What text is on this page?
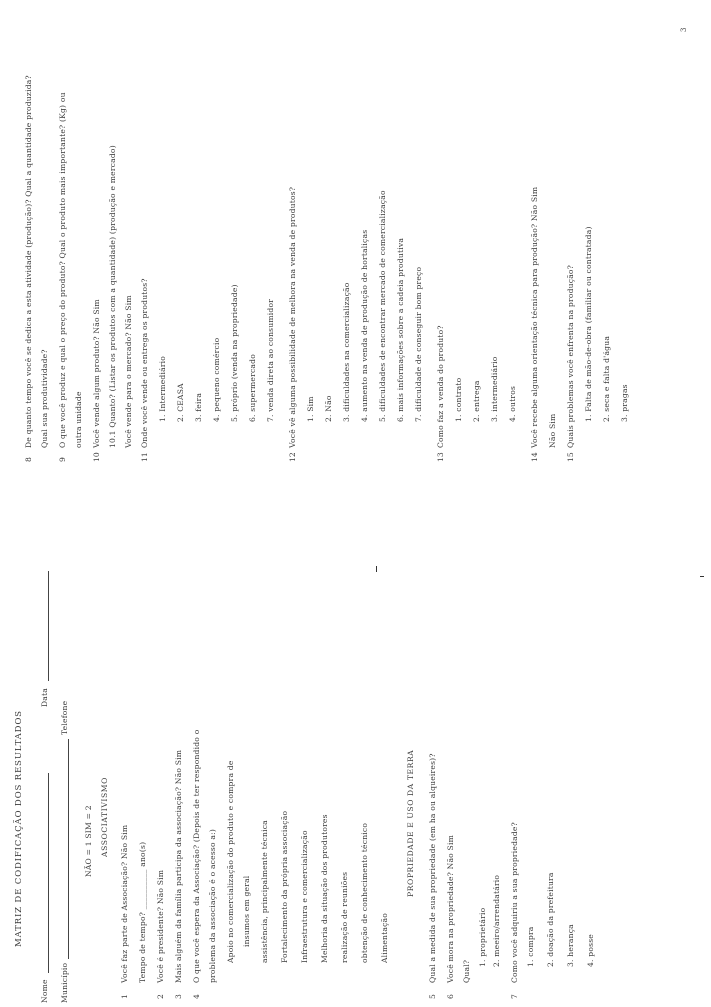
3
8
De quanto tempo você se dedica a esta atividade (produção)? Qual a quantidade produzida? Qual sua produtividade?
9
O que você produz e qual o preço do produto? Qual o produto mais importante? (Kg) ou outra unidade
10
Você vende algum produto? Não Sim 10.1 Quanto? (Listar os produtos com a quantidade) (produção e mercado) Você vende para o mercado? Não Sim
11
Onde você vende ou entrega os produtos? 1. Intermediário 2. CEASA 3. feira 4. pequeno comércio 5. próprio (venda na propriedade) 6. supermercado 7. venda direta ao consumidor
12
Você vê alguma possibilidade de melhora na venda de produtos? 1. Sim 2. Não 3. dificuldades na comercialização 4. aumento na venda de produção de hortaliças 5. dificuldades de encontrar mercado de comercialização 6. mais informações sobre a cadeia produtiva 7. dificuldade de conseguir bom preço
13
Como faz a venda do produto? 1. contrato 2. entrega 3. intermediário 4. outros
14
Você recebe alguma orientação técnica para produção? Não Sim Não Sim
15
Quais problemas você enfrenta na produção? 1. Falta de mão-de-obra (familiar ou contratada) 2. seca e falta d'água 3. pragas
MATRIZ DE CODIFICAÇÃO DOS RESULTADOS
Nome
Data
Município
Telefone
NÃO = 1 SIM = 2 ASSOCIATIVISMO
1
Você faz parte de Associação? Não Sim Tempo de tempo? __________ ano(s)
2
Você é presidente? Não Sim
3
Mais alguém da família participa da associação? Não Sim
4
O que você espera da Associação? (Depois de ter respondido o problema da associação é o acesso a:) Apoio no comercialização do produto e compra de insumos em geral assistência, principalmente técnica Fortalecimento da própria associação Infraestrutura e comercialização Melhoria da situação dos produtores realização de reuniões obtenção de conhecimento técnico Alimentação
PROPRIEDADE E USO DA TERRA
5
Qual a medida de sua propriedade (em ha ou alqueires)?
6
Você mora na propriedade? Não Sim Qual?
1. proprietário 2. meeiro/arrendatário
7
Como você adquiriu a sua propriedade? 1. compra 2. doação da prefeitura 3. herança 4. posse
